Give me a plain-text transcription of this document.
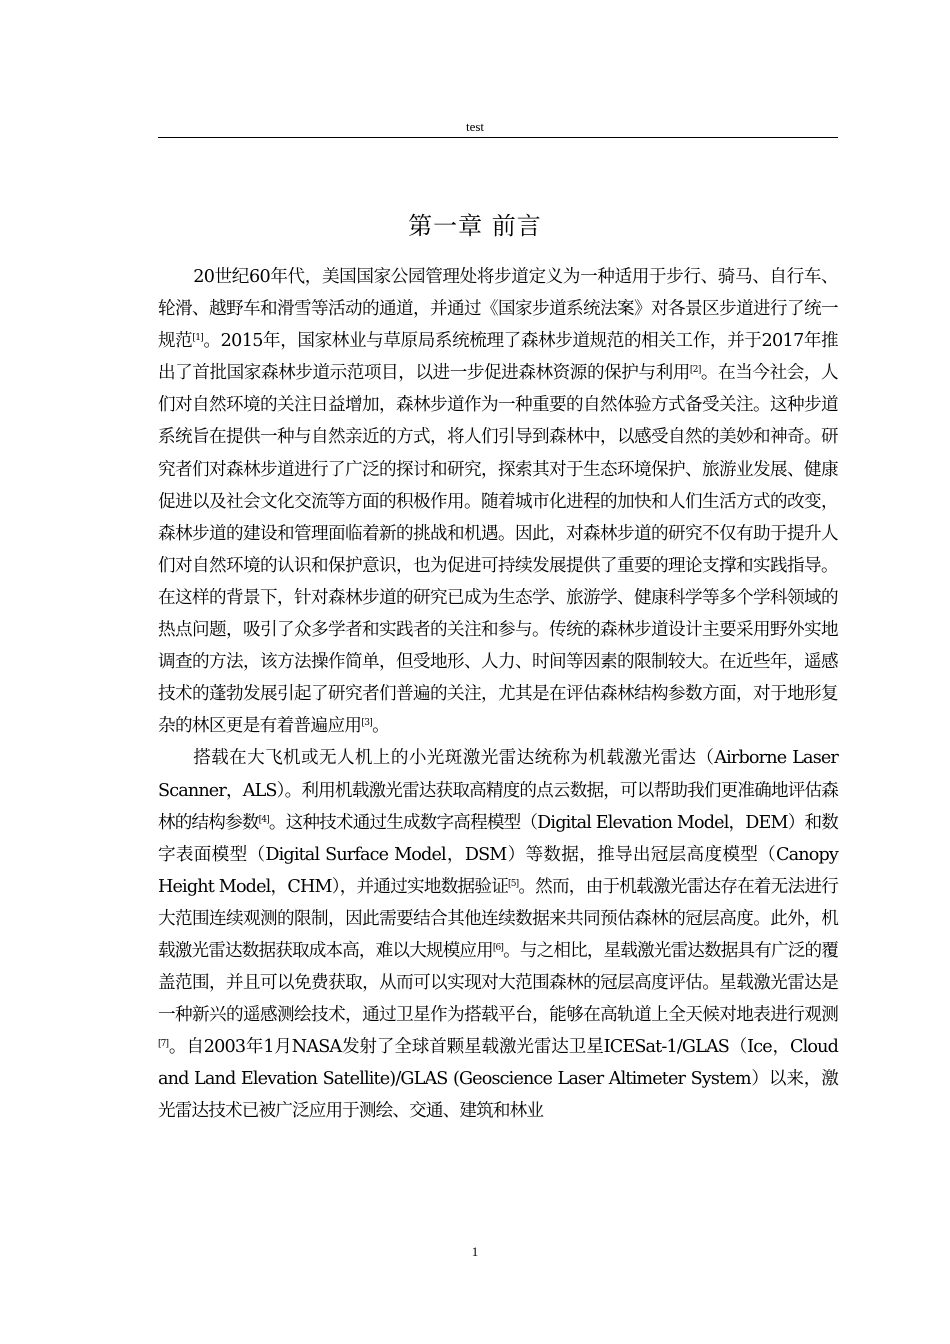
test
第一章 前言

20世纪60年代，美国国家公园管理处将步道定义为一种适用于步行、骑马、自行车、轮滑、越野车和滑雪等活动的通道，并通过《国家步道系统法案》对各景区步道进行了统一规范[1]。2015年，国家林业与草原局系统梳理了森林步道规范的相关工作，并于2017年推出了首批国家森林步道示范项目，以进一步促进森林资源的保护与利用[2]。在当今社会，人们对自然环境的关注日益增加，森林步道作为一种重要的自然体验方式备受关注。这种步道系统旨在提供一种与自然亲近的方式，将人们引导到森林中，以感受自然的美妙和神奇。研究者们对森林步道进行了广泛的探讨和研究，探索其对于生态环境保护、旅游业发展、健康促进以及社会文化交流等方面的积极作用。随着城市化进程的加快和人们生活方式的改变，森林步道的建设和管理面临着新的挑战和机遇。因此，对森林步道的研究不仅有助于提升人们对自然环境的认识和保护意识，也为促进可持续发展提供了重要的理论支撑和实践指导。在这样的背景下，针对森林步道的研究已成为生态学、旅游学、健康科学等多个学科领域的热点问题，吸引了众多学者和实践者的关注和参与。传统的森林步道设计主要采用野外实地调查的方法，该方法操作简单，但受地形、人力、时间等因素的限制较大。在近些年，遥感技术的蓬勃发展引起了研究者们普遍的关注，尤其是在评估森林结构参数方面，对于地形复杂的林区更是有着普遍应用[3]。

搭载在大飞机或无人机上的小光斑激光雷达统称为机载激光雷达（Airborne Laser Scanner，ALS）。利用机载激光雷达获取高精度的点云数据，可以帮助我们更准确地评估森林的结构参数[4]。这种技术通过生成数字高程模型（Digital Elevation Model，DEM）和数字表面模型（Digital Surface Model，DSM）等数据，推导出冠层高度模型（Canopy Height Model，CHM），并通过实地数据验证[5]。然而，由于机载激光雷达存在着无法进行大范围连续观测的限制，因此需要结合其他连续数据来共同预估森林的冠层高度。此外，机载激光雷达数据获取成本高，难以大规模应用[6]。与之相比，星载激光雷达数据具有广泛的覆盖范围，并且可以免费获取，从而可以实现对大范围森林的冠层高度评估。星载激光雷达是一种新兴的遥感测绘技术，通过卫星作为搭载平台，能够在高轨道上全天候对地表进行观测[7]。自2003年1月NASA发射了全球首颗星载激光雷达卫星ICESat-1/GLAS（Ice，Cloud and Land Elevation Satellite)/GLAS (Geoscience Laser Altimeter System）以来，激光雷达技术已被广泛应用于测绘、交通、建筑和林业

1
